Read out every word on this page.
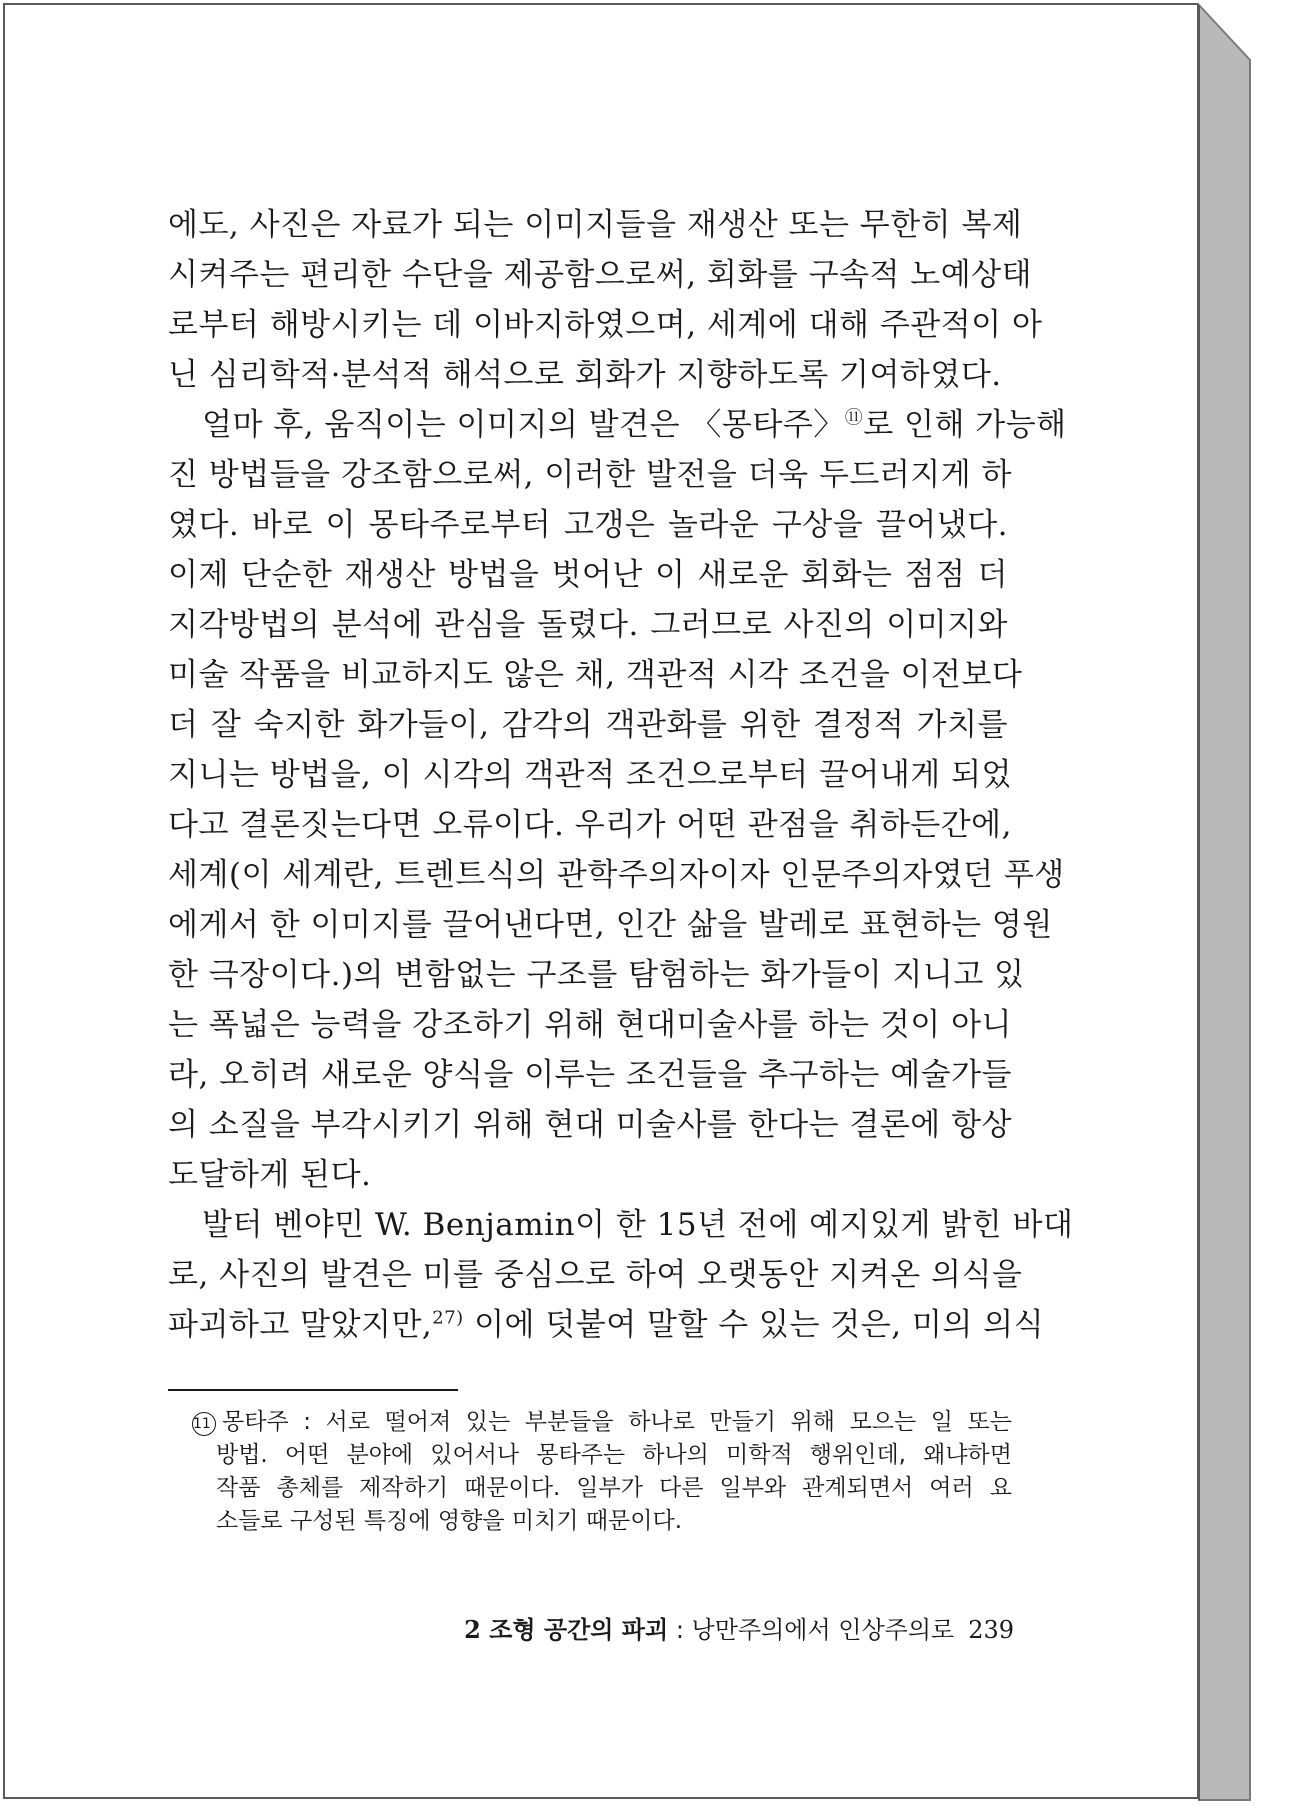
에도, 사진은 자료가 되는 이미지들을 재생산 또는 무한히 복제
시켜주는 편리한 수단을 제공함으로써, 회화를 구속적 노예상태
로부터 해방시키는 데 이바지하였으며, 세계에 대해 주관적이 아
닌 심리학적·분석적 해석으로 회화가 지향하도록 기여하였다.

얼마 후, 움직이는 이미지의 발견은 〈몽타주〉⑪로 인해 가능해
진 방법들을 강조함으로써, 이러한 발전을 더욱 두드러지게 하
였다. 바로 이 몽타주로부터 고갱은 놀라운 구상을 끌어냈다.
이제 단순한 재생산 방법을 벗어난 이 새로운 회화는 점점 더
지각방법의 분석에 관심을 돌렸다. 그러므로 사진의 이미지와
미술 작품을 비교하지도 않은 채, 객관적 시각 조건을 이전보다
더 잘 숙지한 화가들이, 감각의 객관화를 위한 결정적 가치를
지니는 방법을, 이 시각의 객관적 조건으로부터 끌어내게 되었
다고 결론짓는다면 오류이다. 우리가 어떤 관점을 취하든간에,
세계(이 세계란, 트렌트식의 관학주의자이자 인문주의자였던 푸생
에게서 한 이미지를 끌어낸다면, 인간 삶을 발레로 표현하는 영원
한 극장이다.)의 변함없는 구조를 탐험하는 화가들이 지니고 있
는 폭넓은 능력을 강조하기 위해 현대미술사를 하는 것이 아니
라, 오히려 새로운 양식을 이루는 조건들을 추구하는 예술가들
의 소질을 부각시키기 위해 현대 미술사를 한다는 결론에 항상
도달하게 된다.

발터 벤야민 W. Benjamin이 한 15년 전에 예지있게 밝힌 바대
로, 사진의 발견은 미를 중심으로 하여 오랫동안 지켜온 의식을
파괴하고 말았지만,$^{27)}$ 이에 덧붙여 말할 수 있는 것은, 미의 의식

11 몽타주 : 서로 떨어져 있는 부분들을 하나로 만들기 위해 모으는 일 또는
방법. 어떤 분야에 있어서나 몽타주는 하나의 미학적 행위인데, 왜냐하면
작품 총체를 제작하기 때문이다. 일부가 다른 일부와 관계되면서 여러 요
소들로 구성된 특징에 영향을 미치기 때문이다.
2 조형 공간의 파괴 : 낭만주의에서 인상주의로 239
